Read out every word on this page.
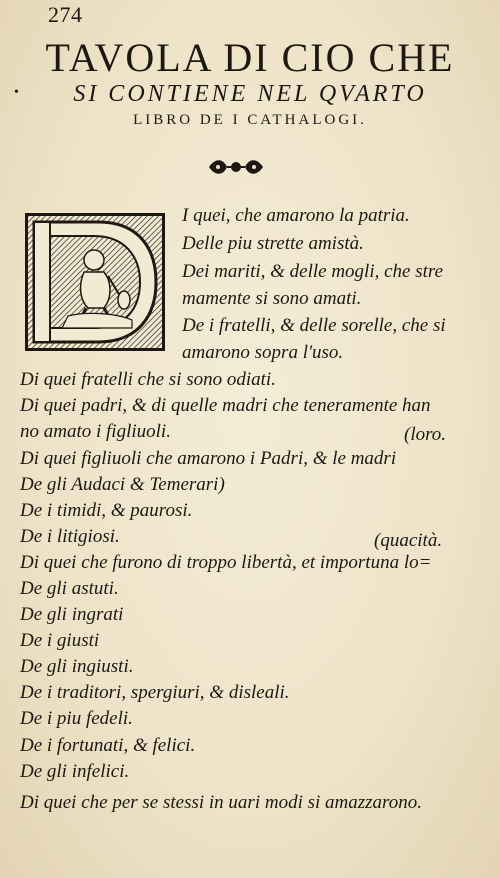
274
•
TAVOLA DI CIO CHE
SI CONTIENE NEL QVARTO
LIBRO DE I CATHALOGI.
I quei, che amarono la patria.
Delle piu strette amistà.
Dei mariti, & delle mogli, che stre
mamente si sono amati.
De i fratelli, & delle sorelle, che si
amarono sopra l'uso.
Di quei fratelli che si sono odiati.
Di quei padri, & di quelle madri che teneramente han
no amato i figliuoli.	(loro.
Di quei figliuoli che amarono i Padri, & le madri
De gli Audaci & Temerari)
De i timidi, & paurosi.
De i litigiosi.	(quacità.
Di quei che furono di troppo libertà, et importuna lo=
De gli astuti.
De gli ingrati
De i giusti
De gli ingiusti.
De i traditori, spergiuri, & disleali.
De i piu fedeli.
De i fortunati, & felici.
De gli infelici.
Di quei che per se stessi in uari modi si amazzarono.
